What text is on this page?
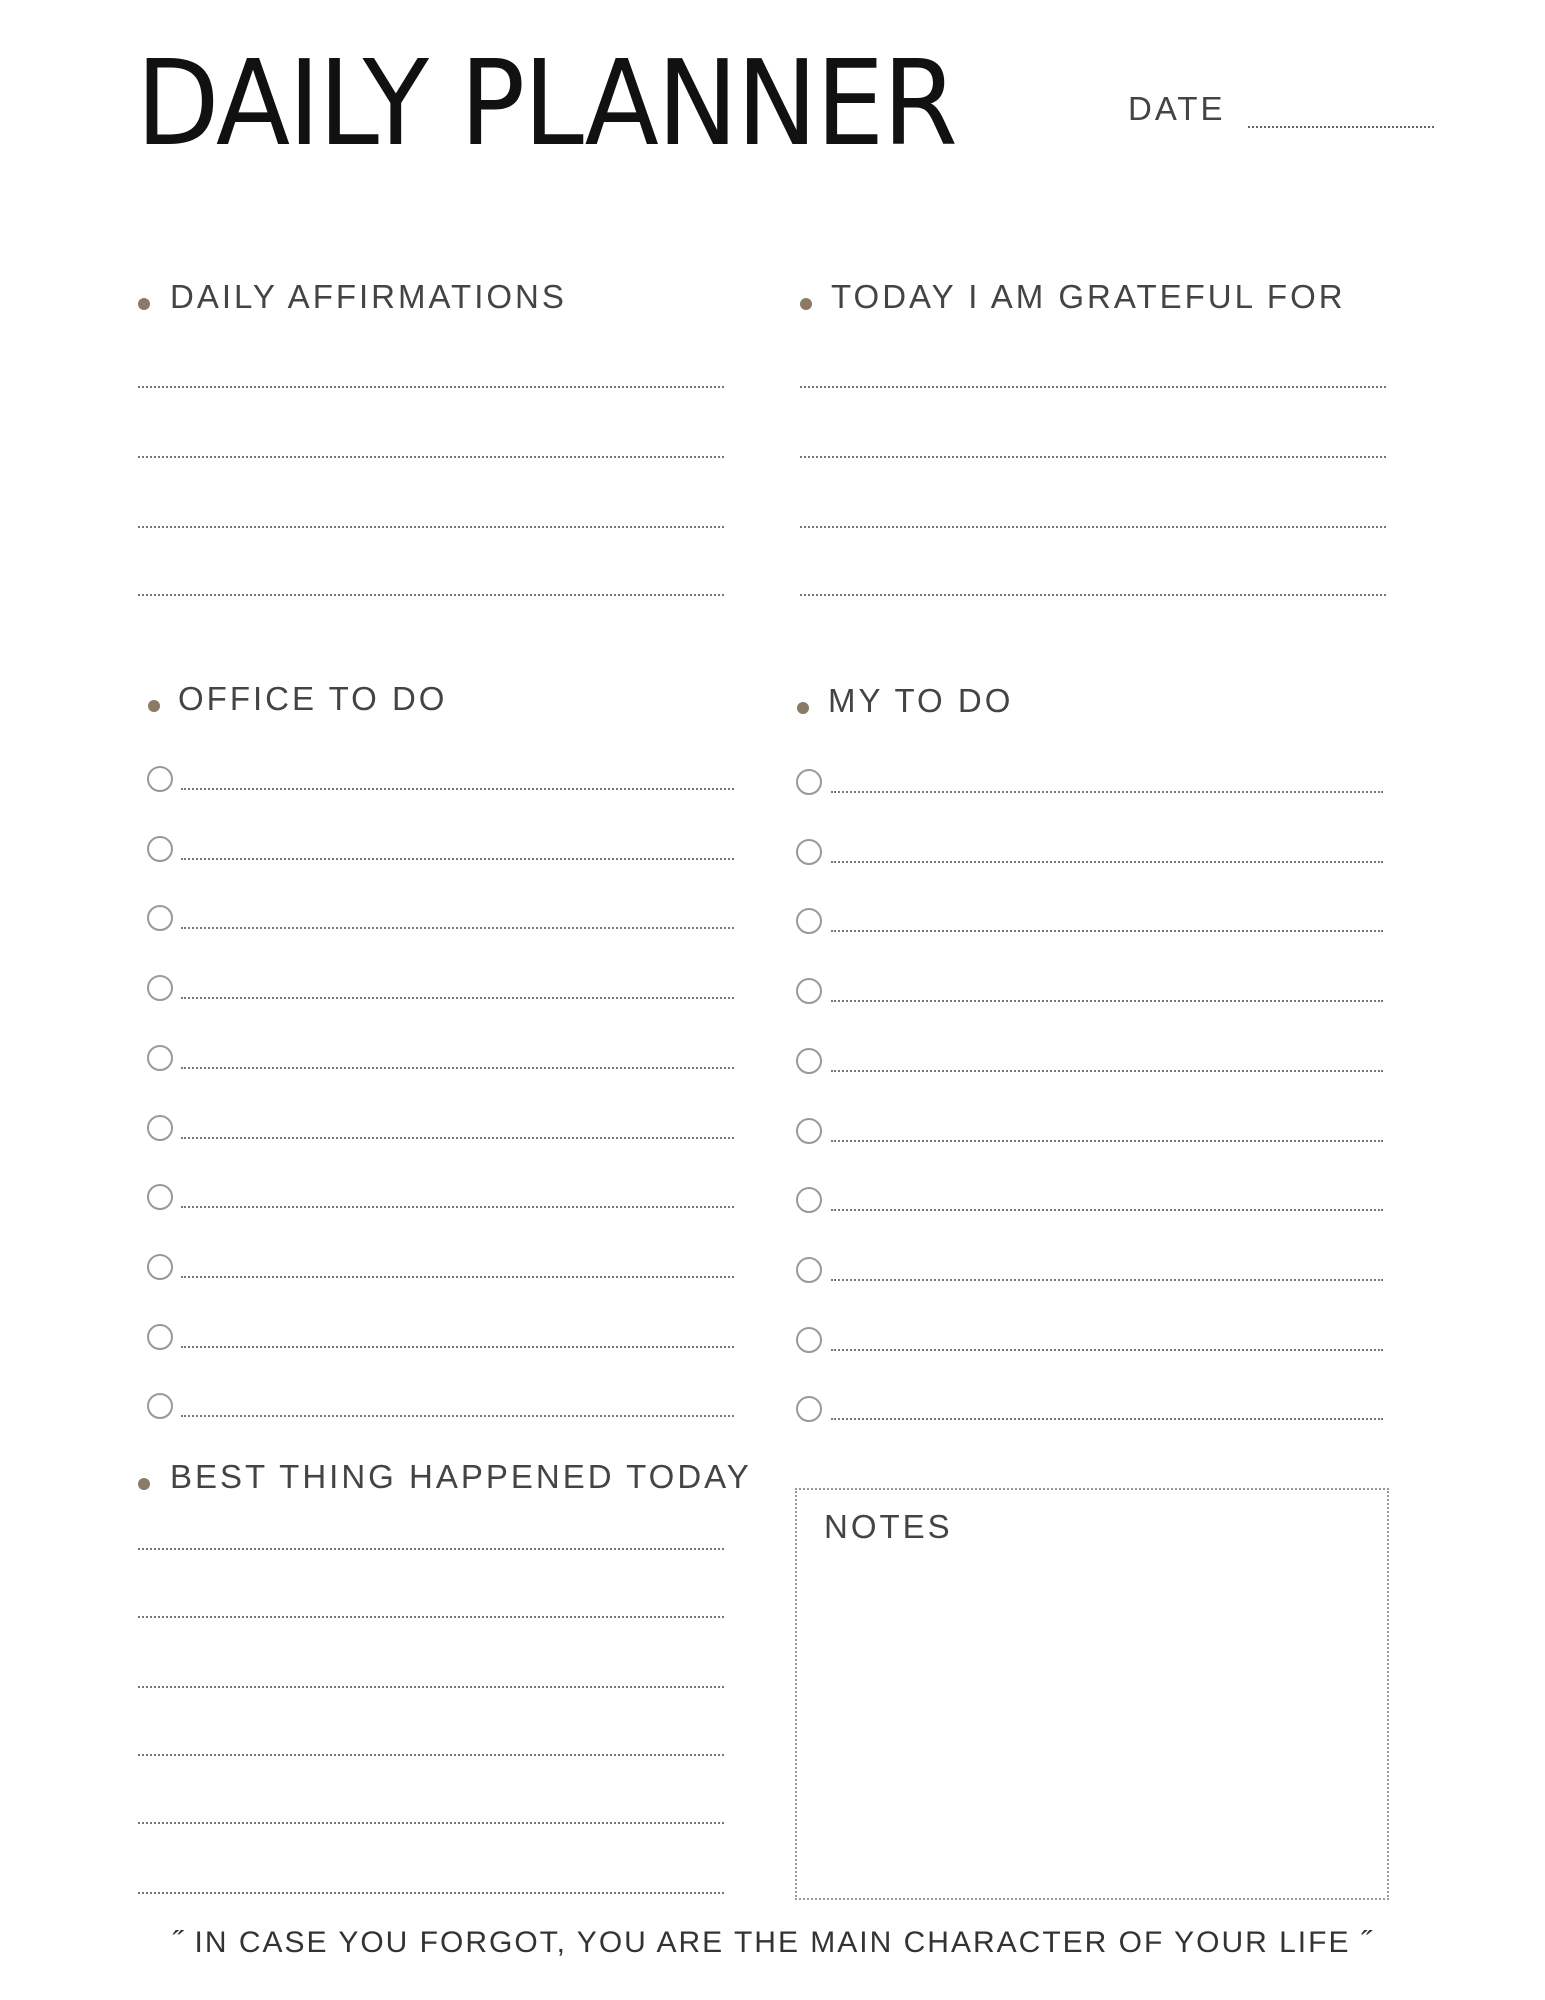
DAILY PLANNER	DATE
DAILY AFFIRMATIONS	TODAY I AM GRATEFUL FOR
OFFICE TO DO	MY TO DO
BEST THING HAPPENED TODAY
NOTES
˝ IN CASE YOU FORGOT, YOU ARE THE MAIN CHARACTER OF YOUR LIFE ˝
